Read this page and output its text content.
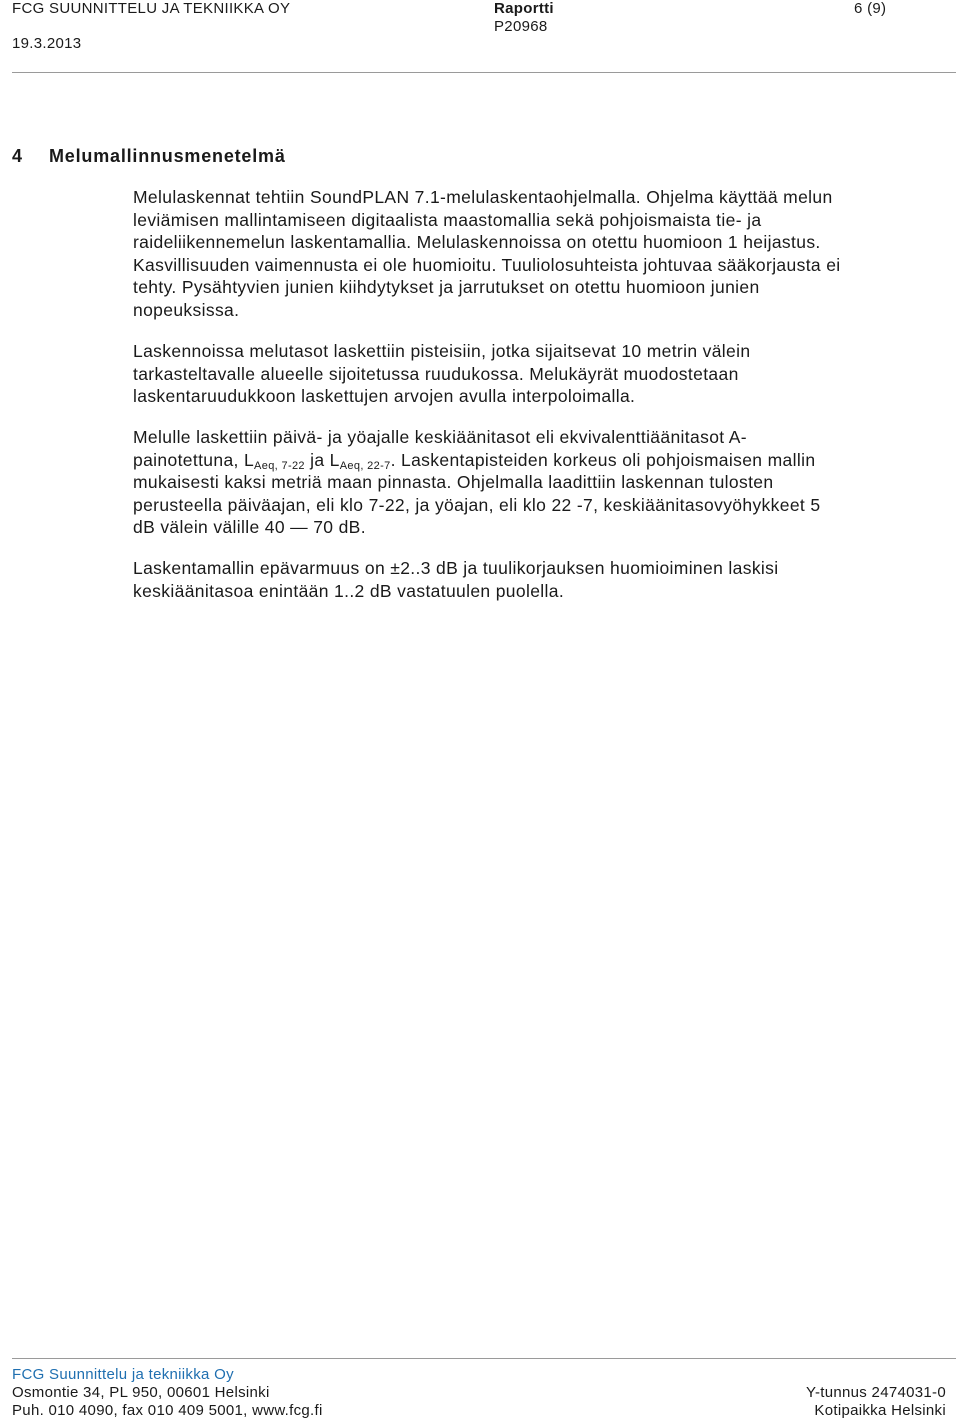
FCG SUUNNITTELU JA TEKNIIKKA OY
19.3.2013
Raportti
P20968
6 (9)
4 Melumallinnusmenetelmä
Melulaskennat tehtiin SoundPLAN 7.1-melulaskentaohjelmalla. Ohjelma käyttää melun
leviämisen mallintamiseen digitaalista maastomallia sekä pohjoismaista tie- ja
raideliikennemelun laskentamallia. Melulaskennoissa on otettu huomioon 1 heijastus.
Kasvillisuuden vaimennusta ei ole huomioitu. Tuuliolosuhteista johtuvaa sääkorjausta ei
tehty. Pysähtyvien junien kiihdytykset ja jarrutukset on otettu huomioon junien
nopeuksissa.
Laskennoissa melutasot laskettiin pisteisiin, jotka sijaitsevat 10 metrin välein
tarkasteltavalle alueelle sijoitetussa ruudukossa. Melukäyrät muodostetaan
laskentaruudukkoon laskettujen arvojen avulla interpoloimalla.
Melulle laskettiin päivä- ja yöajalle keskiäänitasot eli ekvivalenttiäänitasot A-
painotettuna, $L_{Aeq, 7-22}$ ja $L_{Aeq, 22-7}$. Laskentapisteiden korkeus oli pohjoismaisen mallin
mukaisesti kaksi metriä maan pinnasta. Ohjelmalla laadittiin laskennan tulosten
perusteella päiväajan, eli klo 7-22, ja yöajan, eli klo 22 -7, keskiäänitasovyöhykkeet 5
dB välein välille 40 — 70 dB.
Laskentamallin epävarmuus on ±2..3 dB ja tuulikorjauksen huomioiminen laskisi
keskiäänitasoa enintään 1..2 dB vastatuulen puolella.
FCG Suunnittelu ja tekniikka Oy
Osmontie 34, PL 950, 00601 Helsinki
Puh. 010 4090, fax 010 409 5001, www.fcg.fi
Y-tunnus 2474031-0
Kotipaikka Helsinki
